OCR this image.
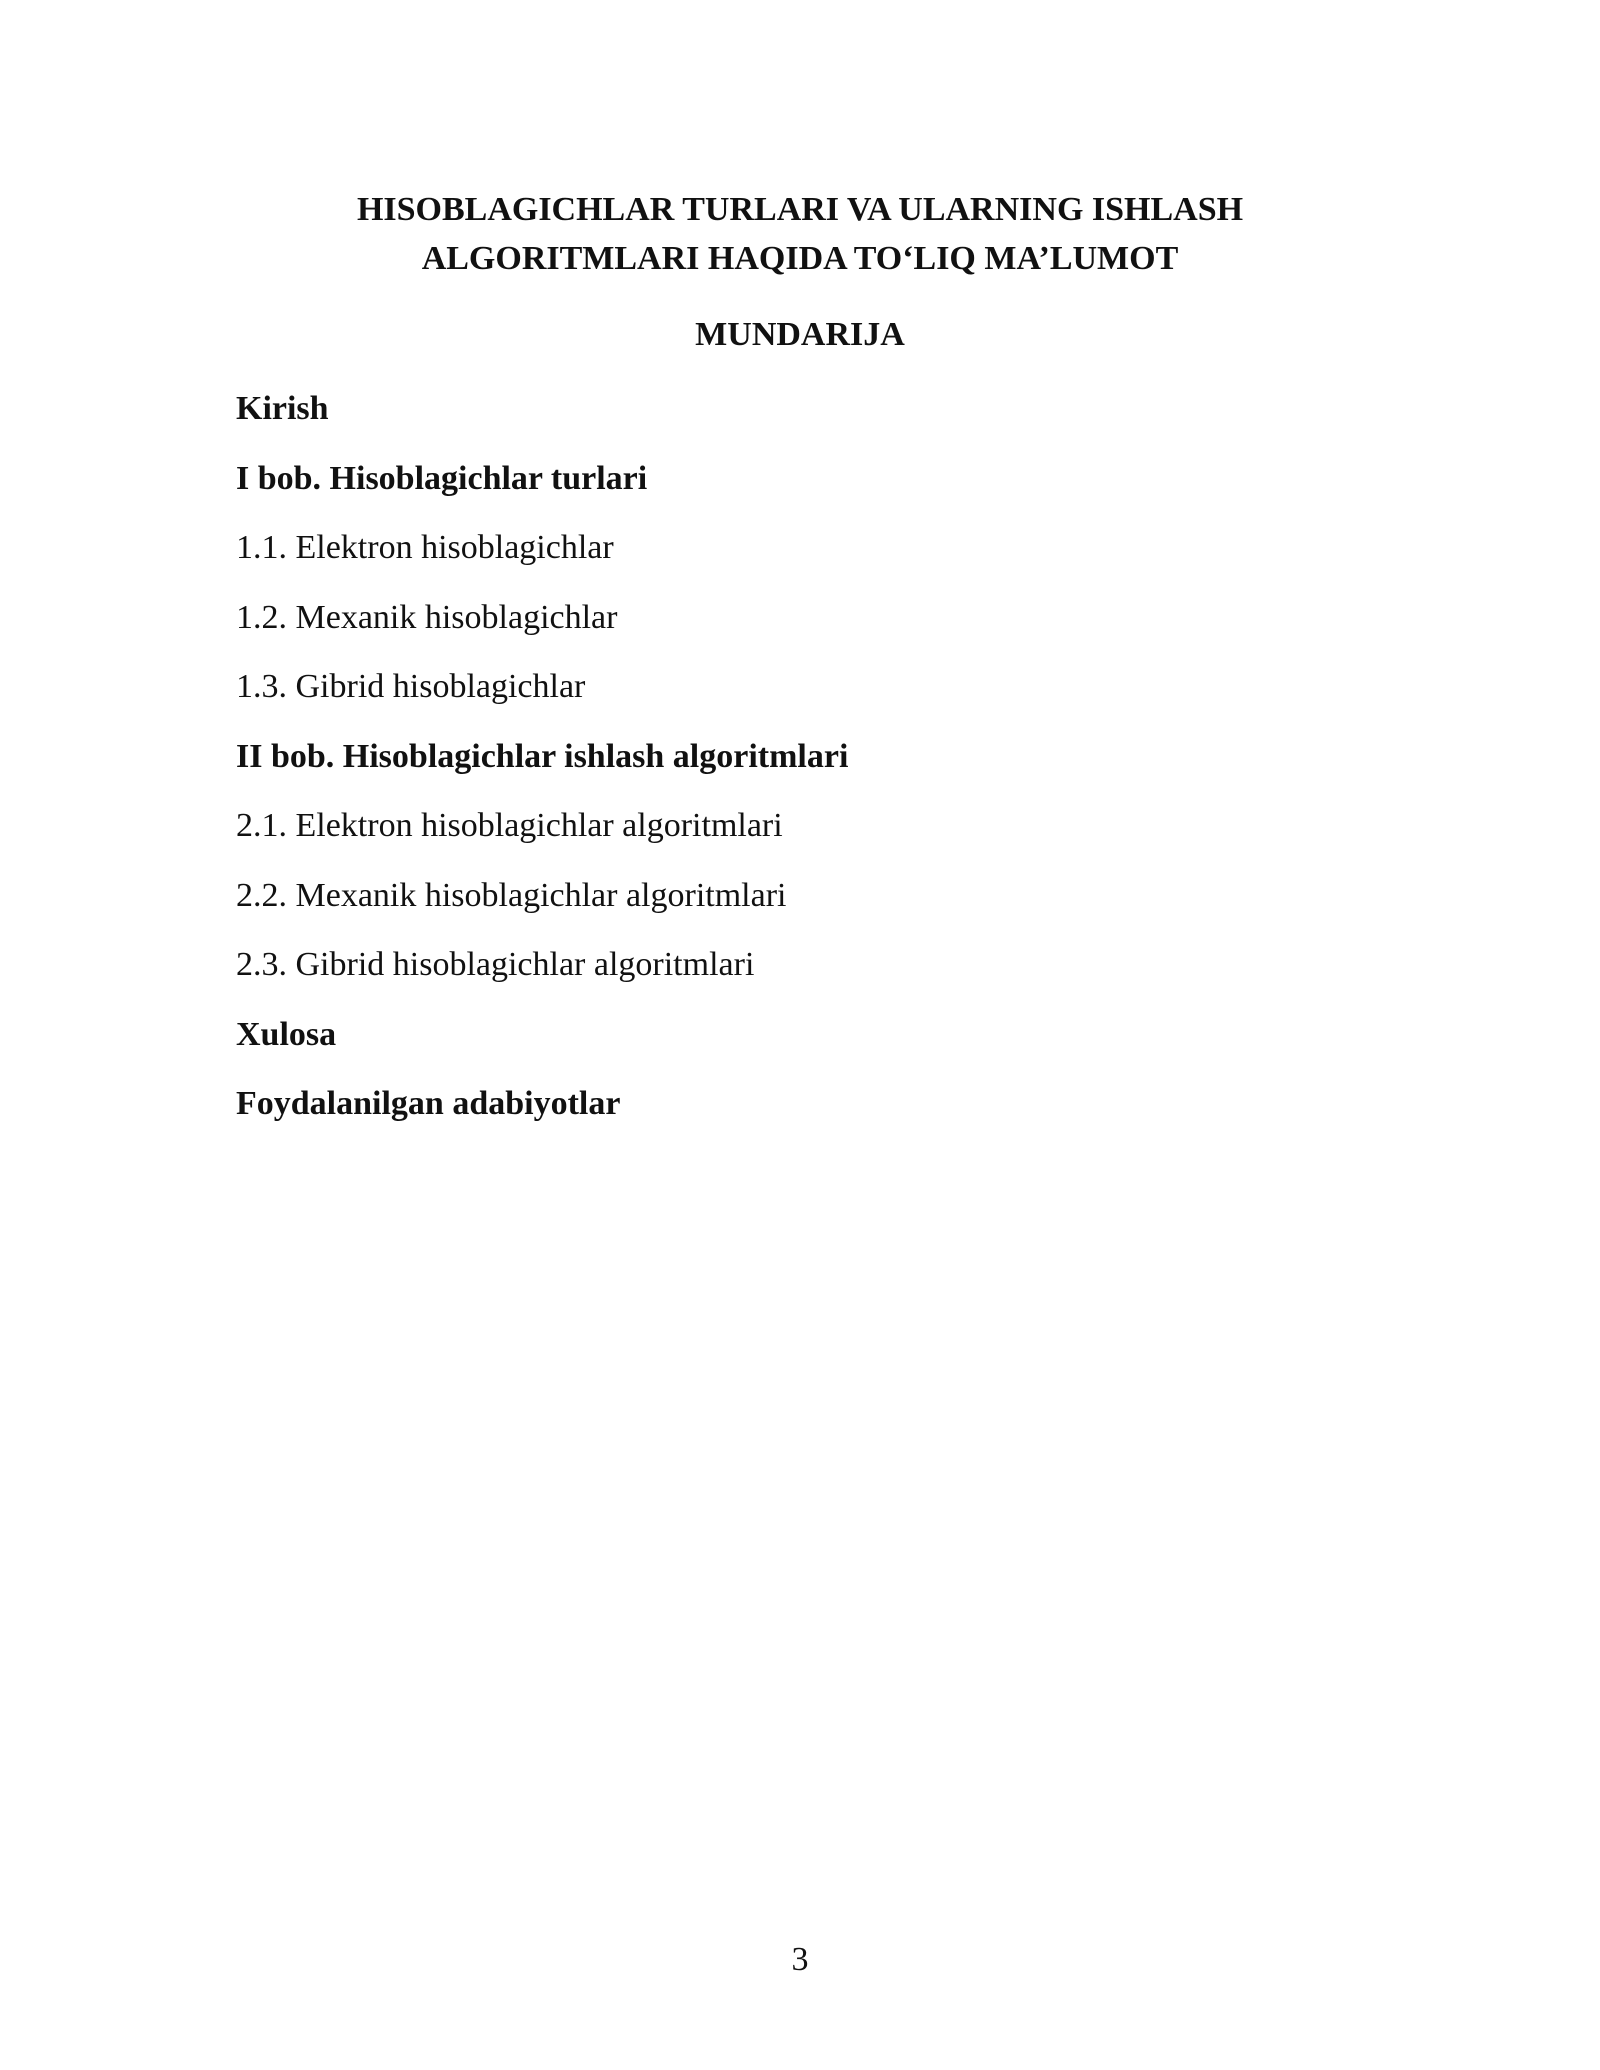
HISOBLAGICHLAR TURLARI VA ULARNING ISHLASH
ALGORITMLARI HAQIDA TO‘LIQ MA’LUMOT
MUNDARIJA
Kirish
I bob. Hisoblagichlar turlari
1.1. Elektron hisoblagichlar
1.2. Mexanik hisoblagichlar
1.3. Gibrid hisoblagichlar
II bob. Hisoblagichlar ishlash algoritmlari
2.1. Elektron hisoblagichlar algoritmlari
2.2. Mexanik hisoblagichlar algoritmlari
2.3. Gibrid hisoblagichlar algoritmlari
Xulosa
Foydalanilgan adabiyotlar
3
